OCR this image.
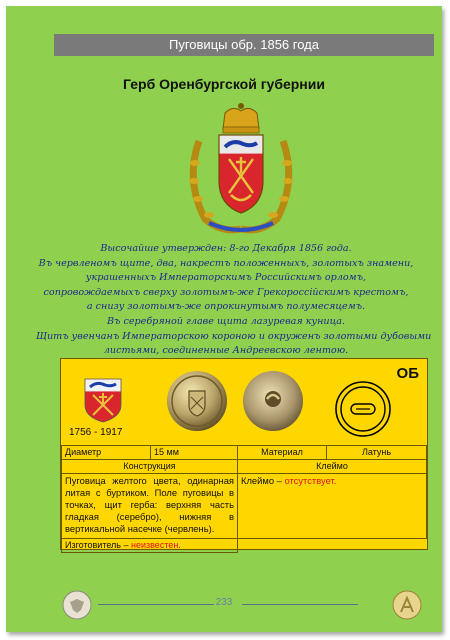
Пуговицы обр. 1856 года
Герб Оренбургской губернии
Высочайше утвержден: 8-го Декабря 1856 года.
Въ червленомъ щите, два, накрестъ положенныхъ, золотыхъ знамени,
украшенныхъ Императорскимъ Российскимъ орломъ,
сопровождаемыхъ сверху золотымъ-же Грекороссiйскимъ крестомъ,
а снизу золотымъ-же опрокинутымъ полумесяцемъ.
Въ серебряной главе щита лазуревая куница.
Щитъ увенчанъ Императорскою короною и окруженъ золотыми дубовыми
листьями, соединенные Андреевскою лентою.
1756 - 1917
ОБ
Диаметр	15 мм	Материал	Латунь
Конструкция		Клеймо	
Пуговица желтого цвета, одинарная литая с буртиком. Поле пуговицы в точках, щит герба: верхняя часть гладкая (серебро), нижняя в вертикальной насечке (червлень).		Клеймо – отсутствует.	
Изготовитель – неизвестен.			
233
